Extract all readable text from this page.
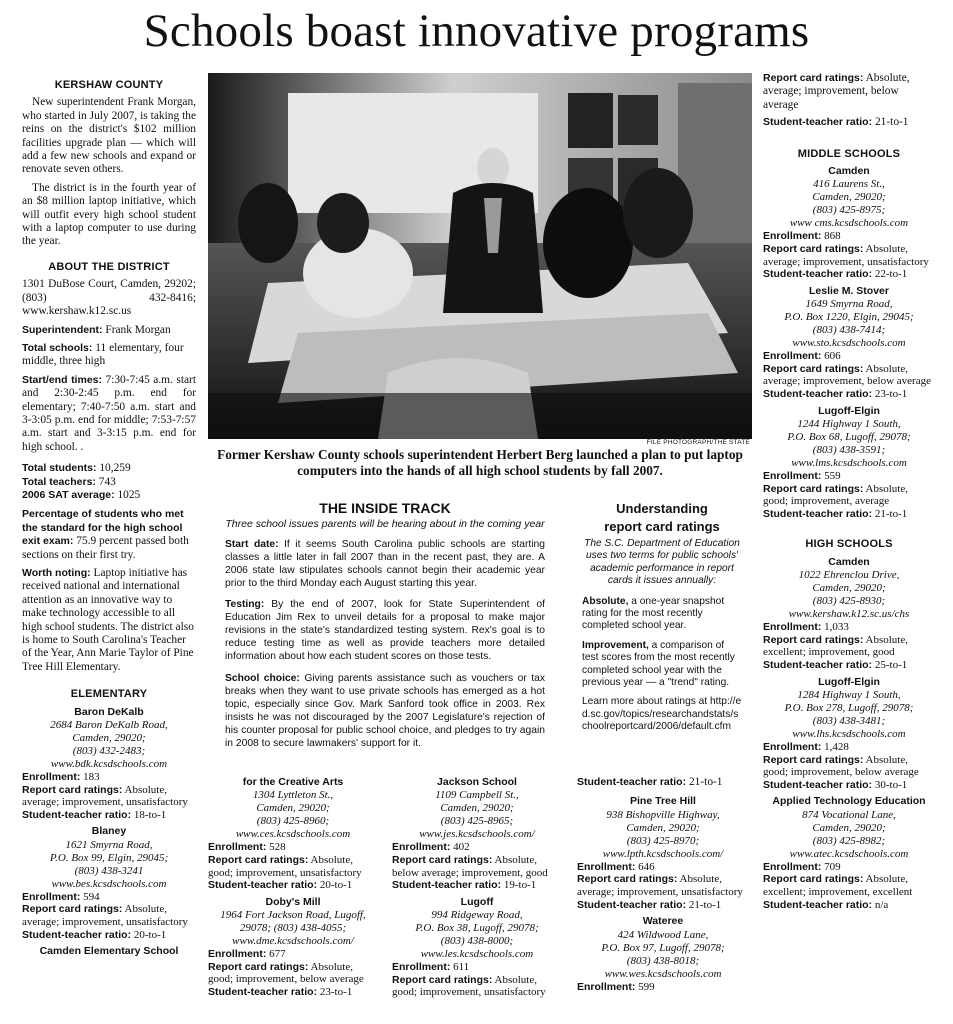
Schools boast innovative programs
KERSHAW COUNTY

New superintendent Frank Morgan, who started in July 2007, is taking the reins on the district's $102 million facilities upgrade plan — which will add a few new schools and expand or renovate seven others.

The district is in the fourth year of an $8 million laptop initiative, which will outfit every high school student with a laptop computer to use during the year.

ABOUT THE DISTRICT

1301 DuBose Court, Camden, 29202; (803) 432-8416; www.kershaw.k12.sc.us

Superintendent: Frank Morgan

Total schools: 11 elementary, four middle, three high

Start/end times: 7:30-7:45 a.m. start and 2:30-2:45 p.m. end for elementary; 7:40-7:50 a.m. start and 3-3:05 p.m. end for middle; 7:53-7:57 a.m. start and 3-3:15 p.m. end for high school. .

Total students: 10,259
Total teachers: 743
2006 SAT average: 1025

Percentage of students who met the standard for the high school exit exam: 75.9 percent passed both sections on their first try.

Worth noting: Laptop initiative has received national and international attention as an innovative way to make technology accessible to all high school students. The district also is home to South Carolina's Teacher of the Year, Ann Marie Taylor of Pine Tree Hill Elementary.

ELEMENTARY
Baron DeKalb
2684 Baron DeKalb Road,
Camden, 29020;
(803) 432-2483;
www.bdk.kcsdschools.com
Enrollment: 183
Report card ratings: Absolute, average; improvement, unsatisfactory
Student-teacher ratio: 18-to-1
Blaney
1621 Smyrna Road,
P.O. Box 99, Elgin, 29045;
(803) 438-3241
www.bes.kcsdschools.com
Enrollment: 594
Report card ratings: Absolute, average; improvement, unsatisfactory
Student-teacher ratio: 20-to-1
Camden Elementary School
FILE PHOTOGRAPH/THE STATE
Former Kershaw County schools superintendent Herbert Berg launched a plan to put laptop computers into the hands of all high school students by fall 2007.
THE INSIDE TRACK
Three school issues parents will be hearing about in the coming year

Start date: If it seems South Carolina public schools are starting classes a little later in fall 2007 than in the recent past, they are. A 2006 state law stipulates schools cannot begin their academic year prior to the third Monday each August starting this year.

Testing: By the end of 2007, look for State Superintendent of Education Jim Rex to unveil details for a proposal to make major revisions in the state's standardized testing system. Rex's goal is to reduce testing time as well as provide teachers more detailed information about how each student scores on those tests.

School choice: Giving parents assistance such as vouchers or tax breaks when they want to use private schools has emerged as a hot topic, especially since Gov. Mark Sanford took office in 2003. Rex insists he was not discouraged by the 2007 Legislature's rejection of his counter proposal for public school choice, and pledges to try again in 2008 to secure lawmakers' support for it.

Understanding
report card ratings
The S.C. Department of Education uses two terms for public schools' academic performance in report cards it issues annually:

Absolute, a one-year snapshot rating for the most recently completed school year.

Improvement, a comparison of test scores from the most recently completed school year with the previous year — a "trend" rating.

Learn more about ratings at http://ed.sc.gov/topics/researchandstats/schoolreportcard/2006/default.cfm

for the Creative Arts
1304 Lyttleton St.,
Camden, 29020;
(803) 425-8960;
www.ces.kcsdschools.com
Enrollment: 528
Report card ratings: Absolute, good; improvement, unsatisfactory
Student-teacher ratio: 20-to-1
Doby's Mill
1964 Fort Jackson Road, Lugoff,
29078; (803) 438-4055;
www.dme.kcsdschools.com/
Enrollment: 677
Report card ratings: Absolute, good; improvement, below average
Student-teacher ratio: 23-to-1
Jackson School
1109 Campbell St.,
Camden, 29020;
(803) 425-8965;
www.jes.kcsdschools.com/
Enrollment: 402
Report card ratings: Absolute, below average; improvement, good
Student-teacher ratio: 19-to-1
Lugoff
994 Ridgeway Road,
P.O. Box 38, Lugoff, 29078;
(803) 438-8000;
www.les.kcsdschools.com
Enrollment: 611
Report card ratings: Absolute, good; improvement, unsatisfactory
Student-teacher ratio: 21-to-1
Pine Tree Hill
938 Bishopville Highway,
Camden, 29020;
(803) 425-8970;
www.lpth.kcsdschools.com/
Enrollment: 646
Report card ratings: Absolute, average; improvement, unsatisfactory
Student-teacher ratio: 21-to-1
Wateree
424 Wildwood Lane,
P.O. Box 97, Lugoff, 29078;
(803) 438-8018;
www.wes.kcsdschools.com
Enrollment: 599
Report card ratings: Absolute, average; improvement, below average
Student-teacher ratio: 21-to-1
MIDDLE SCHOOLS
Camden
416 Laurens St.,
Camden, 29020;
(803) 425-8975;
www cms.kcsdschools.com
Enrollment: 868
Report card ratings: Absolute, average; improvement, unsatisfactory
Student-teacher ratio: 22-to-1
Leslie M. Stover
1649 Smyrna Road,
P.O. Box 1220, Elgin, 29045;
(803) 438-7414;
www.sto.kcsdschools.com
Enrollment: 606
Report card ratings: Absolute, average; improvement, below average
Student-teacher ratio: 23-to-1
Lugoff-Elgin
1244 Highway 1 South,
P.O. Box 68, Lugoff, 29078;
(803) 438-3591;
www.lms.kcsdschools.com
Enrollment: 559
Report card ratings: Absolute, good; improvement, average
Student-teacher ratio: 21-to-1
HIGH SCHOOLS
Camden
1022 Ehrenclou Drive,
Camden, 29020;
(803) 425-8930;
www.kershaw.k12.sc.us/chs
Enrollment: 1,033
Report card ratings: Absolute, excellent; improvement, good
Student-teacher ratio: 25-to-1
Lugoff-Elgin
1284 Highway 1 South,
P.O. Box 278, Lugoff, 29078;
(803) 438-3481;
www.lhs.kcsdschools.com
Enrollment: 1,428
Report card ratings: Absolute, good; improvement, below average
Student-teacher ratio: 30-to-1
Applied Technology Education
874 Vocational Lane,
Camden, 29020;
(803) 425-8982;
www.atec.kcsdschools.com
Enrollment: 709
Report card ratings: Absolute, excellent; improvement, excellent
Student-teacher ratio: n/a
